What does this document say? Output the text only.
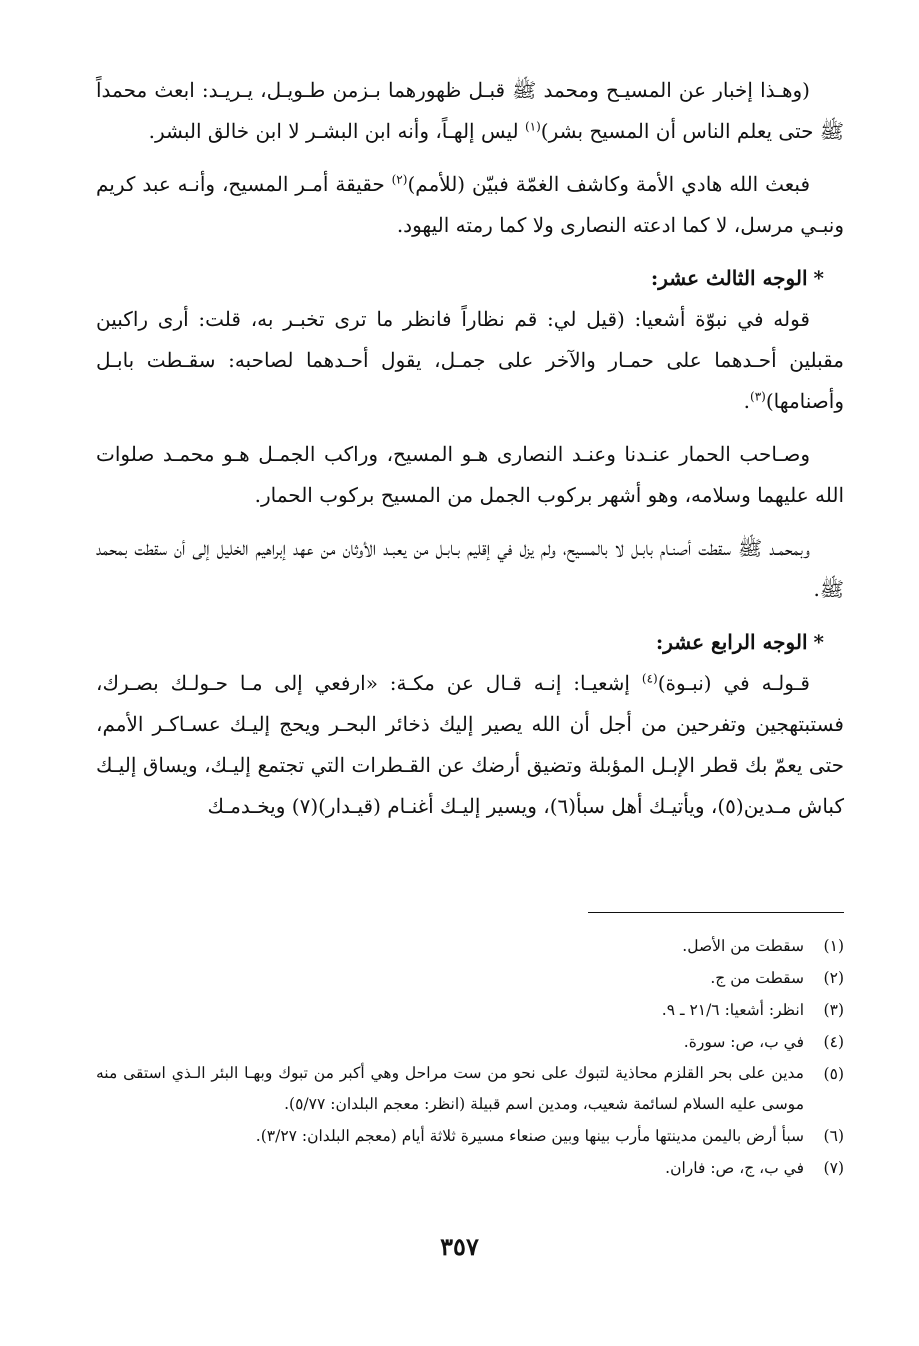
(وهـذا إخبار عن المسيـح ومحمد ﷺ قبـل ظهورهما بـزمن طـويـل، يـريـد: ابعث محمداً ﷺ حتى يعلم الناس أن المسيح بشر)$^{(١)}$ ليس إلهـاً، وأنه ابن البشـر لا ابن خالق البشر.

فبعث الله هادي الأمة وكاشف الغمّة فبيّن (للأمم)$^{(٢)}$ حقيقة أمـر المسيح، وأنـه عبد كريم ونبـي مرسل، لا كما ادعته النصارى ولا كما رمته اليهود.

*الوجه الثالث عشر:

قوله في نبوّة أشعيا: (قيل لي: قم نظاراً فانظر ما ترى تخبـر به، قلت: أرى راكبين مقبلين أحـدهما على حمـار والآخر على جمـل، يقول أحـدهما لصاحبه: سقـطت بابـل وأصنامها)$^{(٣)}$.

وصـاحب الحمار عنـدنا وعنـد النصارى هـو المسيح، وراكب الجمـل هـو محمـد صلوات الله عليهما وسلامه، وهو أشهر بركوب الجمل من المسيح بركوب الحمار.

وبمحمـد ﷺ سقطت أصنـام بابـل لا بالمسيح، ولم يزل في إقليم بـابـل من يعبـد الأوثان من عهد إبراهيم الخليل إلى أن سقطت بمحمد ﷺ.

*الوجه الرابع عشر:

قـولـه في (نبـوة)$^{(٤)}$ إشعيـا: إنـه قـال عن مكـة: «ارفعي إلى مـا حـولـك بصـرك، فستبتهجين وتفرحين من أجل أن الله يصير إليك ذخائر البحـر ويحج إليـك عسـاكـر الأمم، حتى يعمّ بك قطر الإبـل المؤبلة وتضيق أرضك عن القـطرات التي تجتمع إليـك، ويساق إليـك كباش مـدين(٥)، ويأتيـك أهل سبأ(٦)، ويسير إليـك أغنـام (قيـدار)(٧) ويخـدمـك

(١)
سقطت من الأصل.
(٢)
سقطت من ج.
(٣)
انظر: أشعيا: ٢١/٦ ـ ٩.
(٤)
في ب، ص: سورة.
(٥)
مدين على بحر القلزم محاذية لتبوك على نحو من ست مراحل وهي أكبر من تبوك وبهـا البئر الـذي استقى منه موسى عليه السلام لسائمة شعيب، ومدين اسم قبيلة (انظر: معجم البلدان: ٥/٧٧).
(٦)
سبأ أرض باليمن مدينتها مأرب بينها وبين صنعاء مسيرة ثلاثة أيام (معجم البلدان: ٣/٢٧).
(٧)
في ب، ج، ص: فاران.
٣٥٧
